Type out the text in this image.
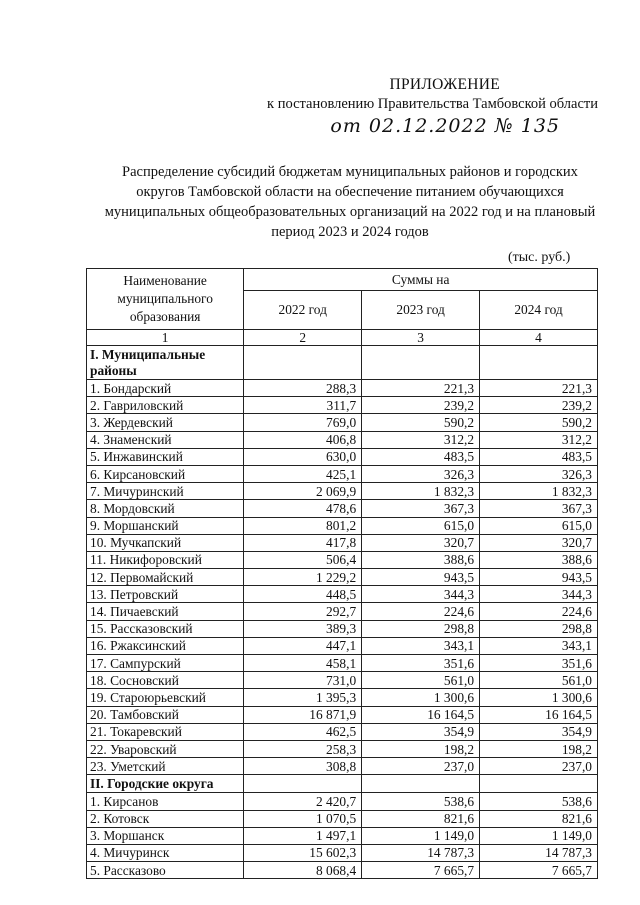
ПРИЛОЖЕНИЕ
к постановлению Правительства Тамбовской области
от 02.12.2022 № 135
Распределение субсидий бюджетам муниципальных районов и городских округов Тамбовской области на обеспечение питанием обучающихся муниципальных общеобразовательных организаций на 2022 год и на плановый период 2023 и 2024 годов
(тыс. руб.)
Наименование муниципального образования	Суммы на		
	2022 год	2023 год	2024 год
1	2	3	4
I. Муниципальные районы			
1. Бондарский	288,3	221,3	221,3
2. Гавриловский	311,7	239,2	239,2
3. Жердевский	769,0	590,2	590,2
4. Знаменский	406,8	312,2	312,2
5. Инжавинский	630,0	483,5	483,5
6. Кирсановский	425,1	326,3	326,3
7. Мичуринский	2 069,9	1 832,3	1 832,3
8. Мордовский	478,6	367,3	367,3
9. Моршанский	801,2	615,0	615,0
10. Мучкапский	417,8	320,7	320,7
11. Никифоровский	506,4	388,6	388,6
12. Первомайский	1 229,2	943,5	943,5
13. Петровский	448,5	344,3	344,3
14. Пичаевский	292,7	224,6	224,6
15. Рассказовский	389,3	298,8	298,8
16. Ржаксинский	447,1	343,1	343,1
17. Сампурский	458,1	351,6	351,6
18. Сосновский	731,0	561,0	561,0
19. Староюрьевский	1 395,3	1 300,6	1 300,6
20. Тамбовский	16 871,9	16 164,5	16 164,5
21. Токаревский	462,5	354,9	354,9
22. Уваровский	258,3	198,2	198,2
23. Уметский	308,8	237,0	237,0
II. Городские округа			
1. Кирсанов	2 420,7	538,6	538,6
2. Котовск	1 070,5	821,6	821,6
3. Моршанск	1 497,1	1 149,0	1 149,0
4. Мичуринск	15 602,3	14 787,3	14 787,3
5. Рассказово	8 068,4	7 665,7	7 665,7
